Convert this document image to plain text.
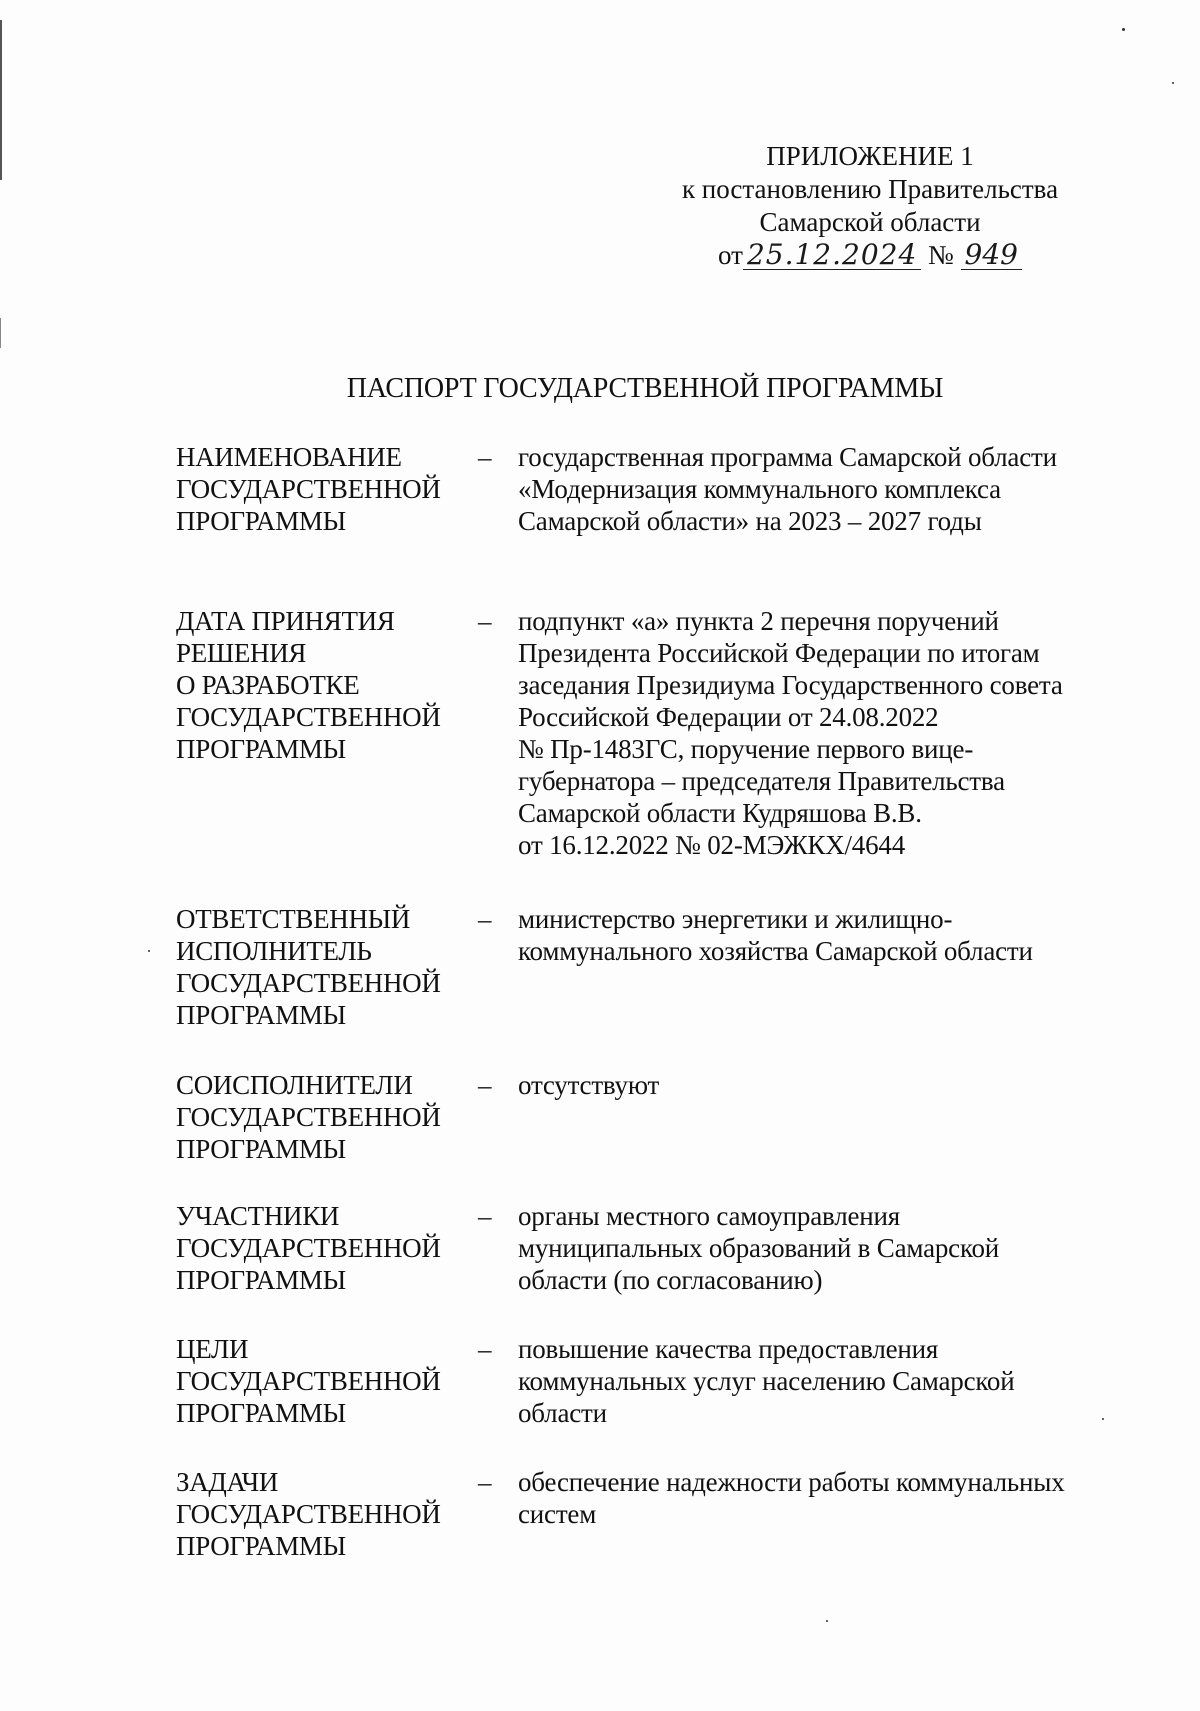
ПРИЛОЖЕНИЕ 1
к постановлению Правительства
Самарской области
от 25.12.2024 № 949
ПАСПОРТ ГОСУДАРСТВЕННОЙ ПРОГРАММЫ
НАИМЕНОВАНИЕ
ГОСУДАРСТВЕННОЙ
ПРОГРАММЫ
– государственная программа Самарской области
«Модернизация коммунального комплекса
Самарской области» на 2023 – 2027 годы
ДАТА ПРИНЯТИЯ
РЕШЕНИЯ
О РАЗРАБОТКЕ
ГОСУДАРСТВЕННОЙ
ПРОГРАММЫ
– подпункт «а» пункта 2 перечня поручений
Президента Российской Федерации по итогам
заседания Президиума Государственного совета
Российской Федерации от 24.08.2022
№ Пр-1483ГС, поручение первого вице-
губернатора – председателя Правительства
Самарской области Кудряшова В.В.
от 16.12.2022 № 02-МЭЖКХ/4644
ОТВЕТСТВЕННЫЙ
ИСПОЛНИТЕЛЬ
ГОСУДАРСТВЕННОЙ
ПРОГРАММЫ
– министерство энергетики и жилищно-
коммунального хозяйства Самарской области
СОИСПОЛНИТЕЛИ
ГОСУДАРСТВЕННОЙ
ПРОГРАММЫ
– отсутствуют
УЧАСТНИКИ
ГОСУДАРСТВЕННОЙ
ПРОГРАММЫ
– органы местного самоуправления
муниципальных образований в Самарской
области (по согласованию)
ЦЕЛИ
ГОСУДАРСТВЕННОЙ
ПРОГРАММЫ
– повышение качества предоставления
коммунальных услуг населению Самарской
области
ЗАДАЧИ
ГОСУДАРСТВЕННОЙ
ПРОГРАММЫ
– обеспечение надежности работы коммунальных
систем
